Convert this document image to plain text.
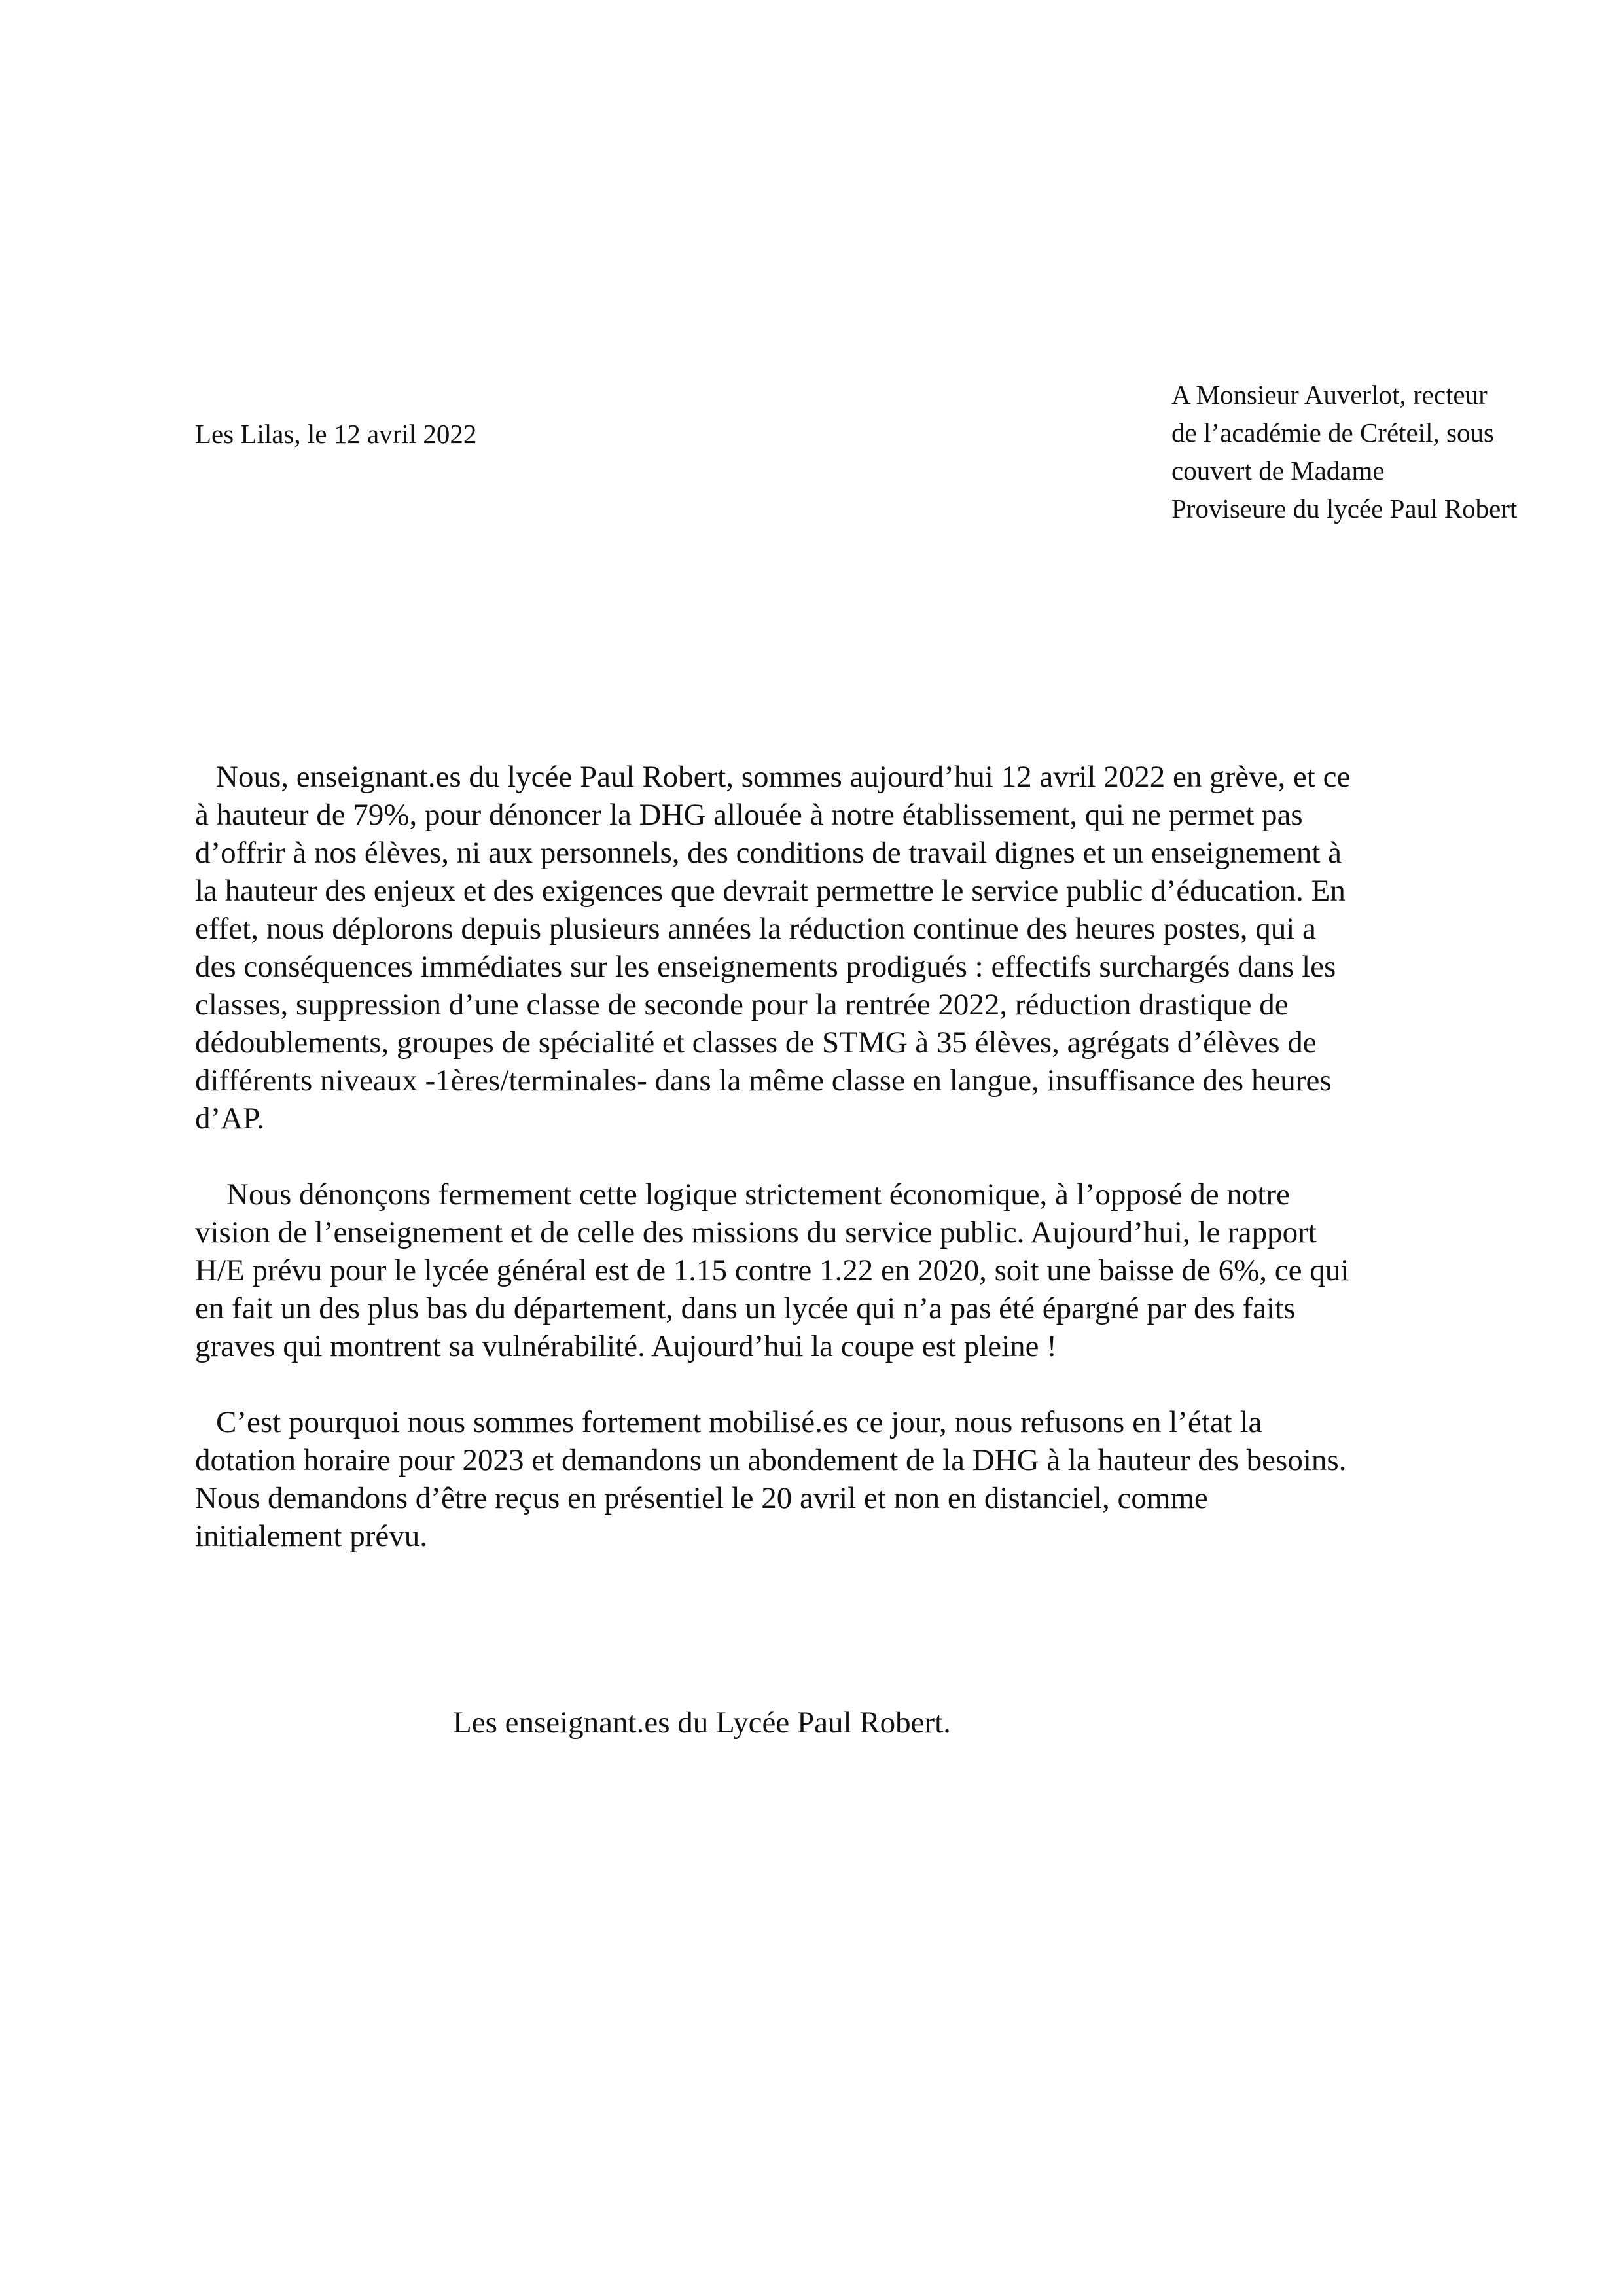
Les Lilas, le 12 avril 2022
A Monsieur Auverlot, recteur
de l’académie de Créteil, sous
couvert de Madame
Proviseure du lycée Paul Robert
Nous, enseignant.es du lycée Paul Robert, sommes aujourd’hui 12 avril 2022 en grève, et ce
à hauteur de 79%, pour dénoncer la DHG allouée à notre établissement, qui ne permet pas
d’offrir à nos élèves, ni aux personnels, des conditions de travail dignes et un enseignement à
la hauteur des enjeux et des exigences que devrait permettre le service public d’éducation. En
effet, nous déplorons depuis plusieurs années la réduction continue des heures postes, qui a
des conséquences immédiates sur les enseignements prodigués : effectifs surchargés dans les
classes, suppression d’une classe de seconde pour la rentrée 2022, réduction drastique de
dédoublements, groupes de spécialité et classes de STMG à 35 élèves, agrégats d’élèves de
différents niveaux -1ères/terminales- dans la même classe en langue, insuffisance des heures
d’AP.
Nous dénonçons fermement cette logique strictement économique, à l’opposé de notre
vision de l’enseignement et de celle des missions du service public. Aujourd’hui, le rapport
H/E prévu pour le lycée général est de 1.15 contre 1.22 en 2020, soit une baisse de 6%, ce qui
en fait un des plus bas du département, dans un lycée qui n’a pas été épargné par des faits
graves qui montrent sa vulnérabilité. Aujourd’hui la coupe est pleine !
C’est pourquoi nous sommes fortement mobilisé.es ce jour, nous refusons en l’état la
dotation horaire pour 2023 et demandons un abondement de la DHG à la hauteur des besoins.
Nous demandons d’être reçus en présentiel le 20 avril et non en distanciel, comme
initialement prévu.
Les enseignant.es du Lycée Paul Robert.
